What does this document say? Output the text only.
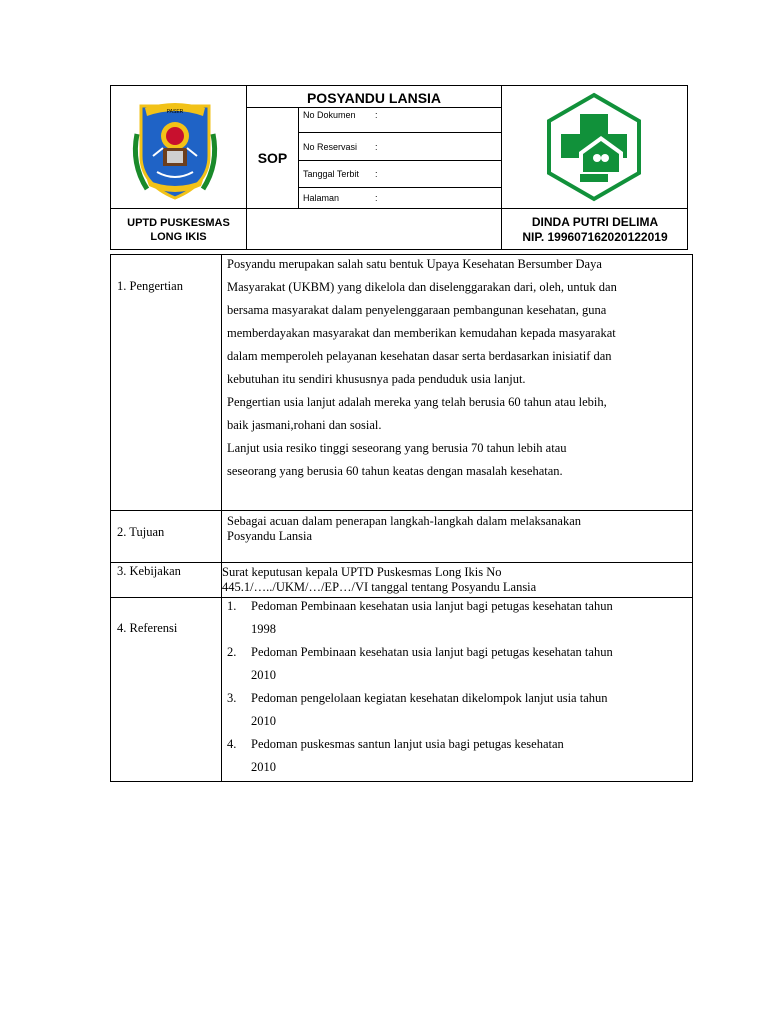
PASER
POSYANDU LANSIA
SOP
No Dokumen	:
No Reservasi	:
Tanggal Terbit	:
Halaman	:
UPTD PUSKESMAS
LONG IKIS
DINDA PUTRI DELIMA
NIP. 199607162020122019
1. Pengertian
Posyandu merupakan salah satu bentuk Upaya Kesehatan Bersumber Daya
Masyarakat (UKBM) yang dikelola dan diselenggarakan dari, oleh, untuk dan
bersama masyarakat dalam penyelenggaraan pembangunan kesehatan, guna
memberdayakan masyarakat dan memberikan kemudahan kepada masyarakat
dalam memperoleh pelayanan kesehatan dasar serta berdasarkan inisiatif dan
kebutuhan itu sendiri khususnya pada penduduk usia lanjut.
Pengertian usia lanjut adalah mereka yang telah berusia 60 tahun atau lebih,
baik jasmani,rohani dan sosial.
Lanjut usia resiko tinggi seseorang yang berusia 70 tahun lebih atau
seseorang yang berusia 60 tahun keatas dengan masalah kesehatan.
2. Tujuan
Sebagai acuan dalam penerapan langkah-langkah dalam melaksanakan
Posyandu Lansia
3. Kebijakan	Surat keputusan kepala UPTD Puskesmas Long Ikis No
445.1/…../UKM/…/EP…/VI tanggal tentang Posyandu Lansia
4. Referensi
1.	Pedoman Pembinaan kesehatan usia lanjut bagi petugas kesehatan tahun
1998
2.	Pedoman Pembinaan kesehatan usia lanjut bagi petugas kesehatan tahun
2010
3.	Pedoman pengelolaan kegiatan kesehatan dikelompok lanjut usia tahun
2010
4.	Pedoman puskesmas santun lanjut usia bagi petugas kesehatan
2010
